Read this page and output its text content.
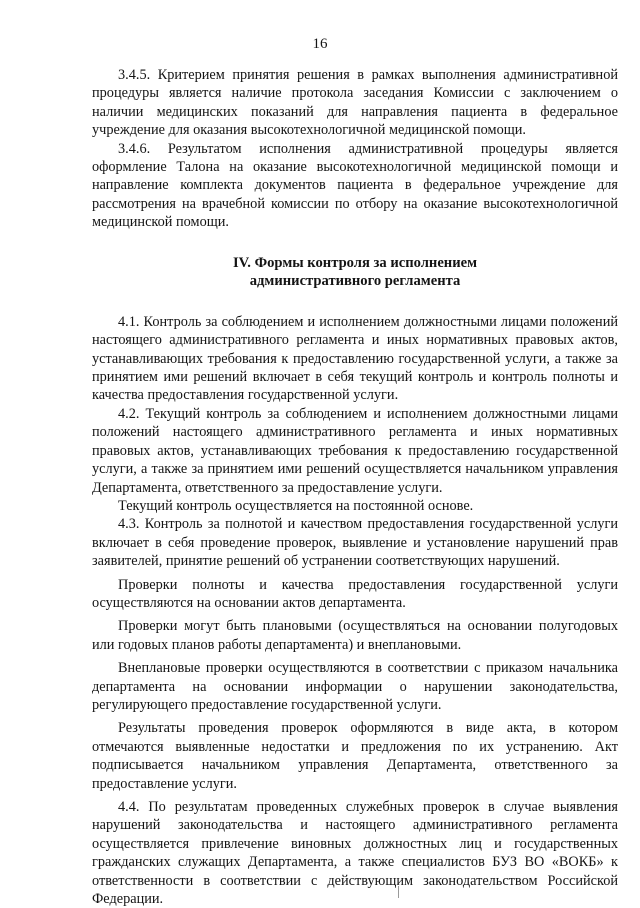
16

3.4.5. Критерием принятия решения в рамках выполнения административной процедуры является наличие протокола заседания Комиссии с заключением о наличии медицинских показаний для направления пациента в федеральное учреждение для оказания высокотехнологичной медицинской помощи.

3.4.6. Результатом исполнения административной процедуры является оформление Талона на оказание высокотехнологичной медицинской помощи и направление комплекта документов пациента в федеральное учреждение для рассмотрения на врачебной комиссии по отбору на оказание высокотехнологичной медицинской помощи.

IV. Формы контроля за исполнением
административного регламента

4.1. Контроль за соблюдением и исполнением должностными лицами положений настоящего административного регламента и иных нормативных правовых актов, устанавливающих требования к предоставлению государственной услуги, а также за принятием ими решений включает в себя текущий контроль и контроль полноты и качества предоставления государственной услуги.

4.2. Текущий контроль за соблюдением и исполнением должностными лицами положений настоящего административного регламента и иных нормативных правовых актов, устанавливающих требования к предоставлению государственной услуги, а также за принятием ими решений осуществляется начальником управления Департамента, ответственного за предоставление услуги.

Текущий контроль осуществляется на постоянной основе.

4.3. Контроль за полнотой и качеством предоставления государственной услуги включает в себя проведение проверок, выявление и установление нарушений прав заявителей, принятие решений об устранении соответствующих нарушений.

Проверки полноты и качества предоставления государственной услуги осуществляются на основании актов департамента.

Проверки могут быть плановыми (осуществляться на основании полугодовых или годовых планов работы департамента) и внеплановыми.

Внеплановые проверки осуществляются в соответствии с приказом начальника департамента на основании информации о нарушении законодательства, регулирующего предоставление государственной услуги.

Результаты проведения проверок оформляются в виде акта, в котором отмечаются выявленные недостатки и предложения по их устранению. Акт подписывается начальником управления Департамента, ответственного за предоставление услуги.

4.4. По результатам проведенных служебных проверок в случае выявления нарушений законодательства и настоящего административного регламента осуществляется привлечение виновных должностных лиц и государственных гражданских служащих Департамента, а также специалистов БУЗ ВО «ВОКБ» к ответственности в соответствии с действующим законодательством Российской Федерации.
